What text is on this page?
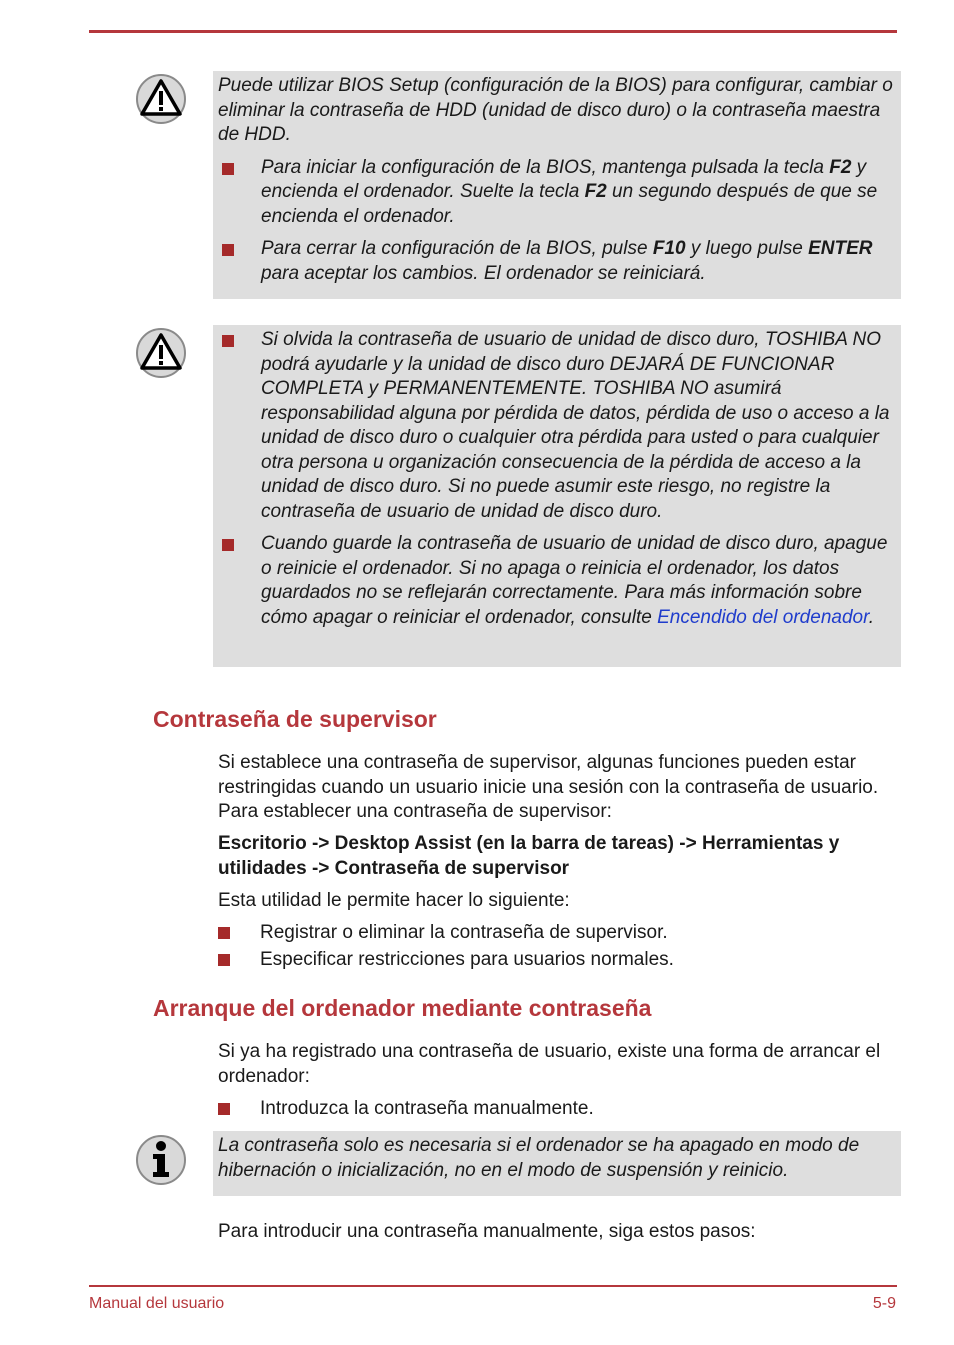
Puede utilizar BIOS Setup (configuración de la BIOS) para configurar, cambiar o eliminar la contraseña de HDD (unidad de disco duro) o la contraseña maestra de HDD.

Para iniciar la configuración de la BIOS, mantenga pulsada la tecla F2 y encienda el ordenador. Suelte la tecla F2 un segundo después de que se encienda el ordenador.
Para cerrar la configuración de la BIOS, pulse F10 y luego pulse ENTER para aceptar los cambios. El ordenador se reiniciará.
Si olvida la contraseña de usuario de unidad de disco duro, TOSHIBA NO podrá ayudarle y la unidad de disco duro DEJARÁ DE FUNCIONAR COMPLETA y PERMANENTEMENTE. TOSHIBA NO asumirá responsabilidad alguna por pérdida de datos, pérdida de uso o acceso a la unidad de disco duro o cualquier otra pérdida para usted o para cualquier otra persona u organización consecuencia de la pérdida de acceso a la unidad de disco duro. Si no puede asumir este riesgo, no registre la contraseña de usuario de unidad de disco duro.
Cuando guarde la contraseña de usuario de unidad de disco duro, apague o reinicie el ordenador. Si no apaga o reinicia el ordenador, los datos guardados no se reflejarán correctamente. Para más información sobre cómo apagar o reiniciar el ordenador, consulte Encendido del ordenador.
Contraseña de supervisor

Si establece una contraseña de supervisor, algunas funciones pueden estar restringidas cuando un usuario inicie una sesión con la contraseña de usuario. Para establecer una contraseña de supervisor:

Escritorio -> Desktop Assist (en la barra de tareas) -> Herramientas y utilidades -> Contraseña de supervisor

Esta utilidad le permite hacer lo siguiente:

Registrar o eliminar la contraseña de supervisor.
Especificar restricciones para usuarios normales.
Arranque del ordenador mediante contraseña

Si ya ha registrado una contraseña de usuario, existe una forma de arrancar el ordenador:

Introduzca la contraseña manualmente.

La contraseña solo es necesaria si el ordenador se ha apagado en modo de hibernación o inicialización, no en el modo de suspensión y reinicio.

Para introducir una contraseña manualmente, siga estos pasos:

Manual del usuario	5-9
